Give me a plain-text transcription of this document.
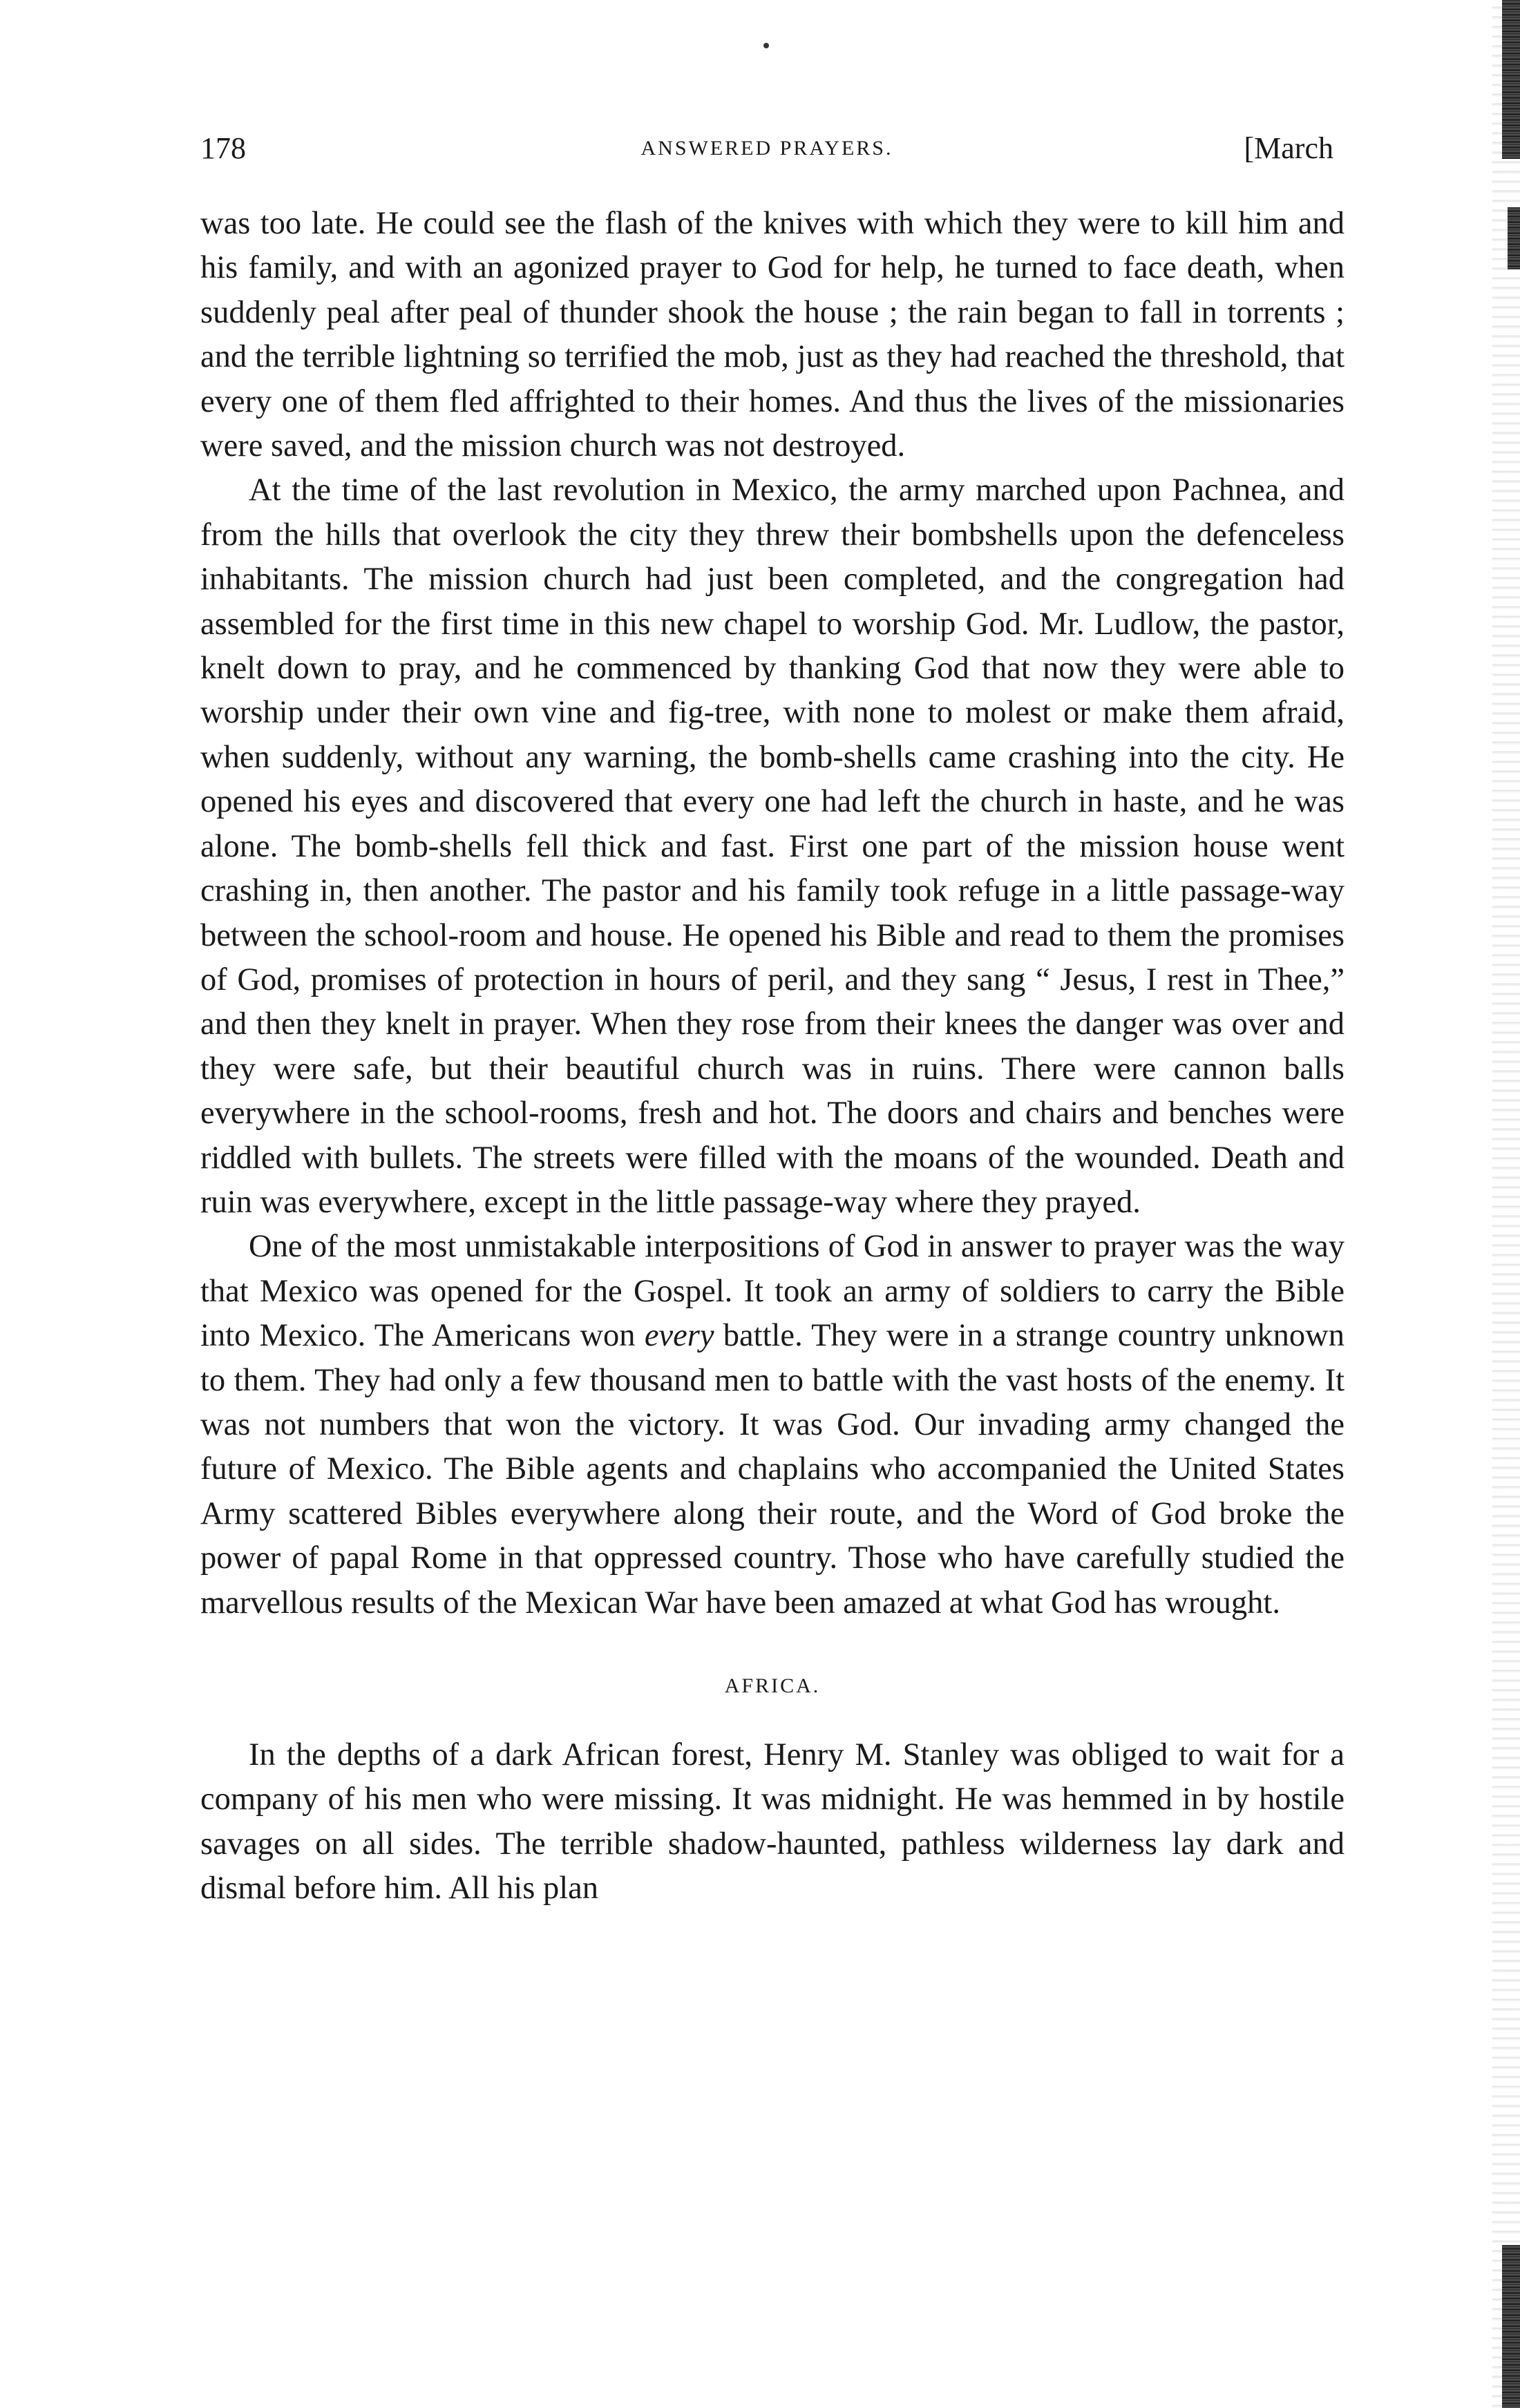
178	ANSWERED PRAYERS.	[March

was too late. He could see the flash of the knives with which they were to kill him and his family, and with an agonized prayer to God for help, he turned to face death, when suddenly peal after peal of thunder shook the house ; the rain began to fall in torrents ; and the terrible lightning so terrified the mob, just as they had reached the threshold, that every one of them fled affrighted to their homes. And thus the lives of the missionaries were saved, and the mission church was not destroyed.

At the time of the last revolution in Mexico, the army marched upon Pachnea, and from the hills that overlook the city they threw their bombshells upon the defenceless inhabitants. The mission church had just been completed, and the congregation had assembled for the first time in this new chapel to worship God. Mr. Ludlow, the pastor, knelt down to pray, and he commenced by thanking God that now they were able to worship under their own vine and fig-tree, with none to molest or make them afraid, when suddenly, without any warning, the bomb-shells came crashing into the city. He opened his eyes and discovered that every one had left the church in haste, and he was alone. The bomb-shells fell thick and fast. First one part of the mission house went crashing in, then another. The pastor and his family took refuge in a little passage-way between the school-room and house. He opened his Bible and read to them the promises of God, promises of protection in hours of peril, and they sang “ Jesus, I rest in Thee,” and then they knelt in prayer. When they rose from their knees the danger was over and they were safe, but their beautiful church was in ruins. There were cannon balls everywhere in the school-rooms, fresh and hot. The doors and chairs and benches were riddled with bullets. The streets were filled with the moans of the wounded. Death and ruin was everywhere, except in the little passage-way where they prayed.

One of the most unmistakable interpositions of God in answer to prayer was the way that Mexico was opened for the Gospel. It took an army of soldiers to carry the Bible into Mexico. The Americans won every battle. They were in a strange country unknown to them. They had only a few thousand men to battle with the vast hosts of the enemy. It was not numbers that won the victory. It was God. Our invading army changed the future of Mexico. The Bible agents and chaplains who accompanied the United States Army scattered Bibles everywhere along their route, and the Word of God broke the power of papal Rome in that oppressed country. Those who have carefully studied the marvellous results of the Mexican War have been amazed at what God has wrought.

AFRICA.

In the depths of a dark African forest, Henry M. Stanley was obliged to wait for a company of his men who were missing. It was midnight. He was hemmed in by hostile savages on all sides. The terrible shadow-haunted, pathless wilderness lay dark and dismal before him. All his plan
